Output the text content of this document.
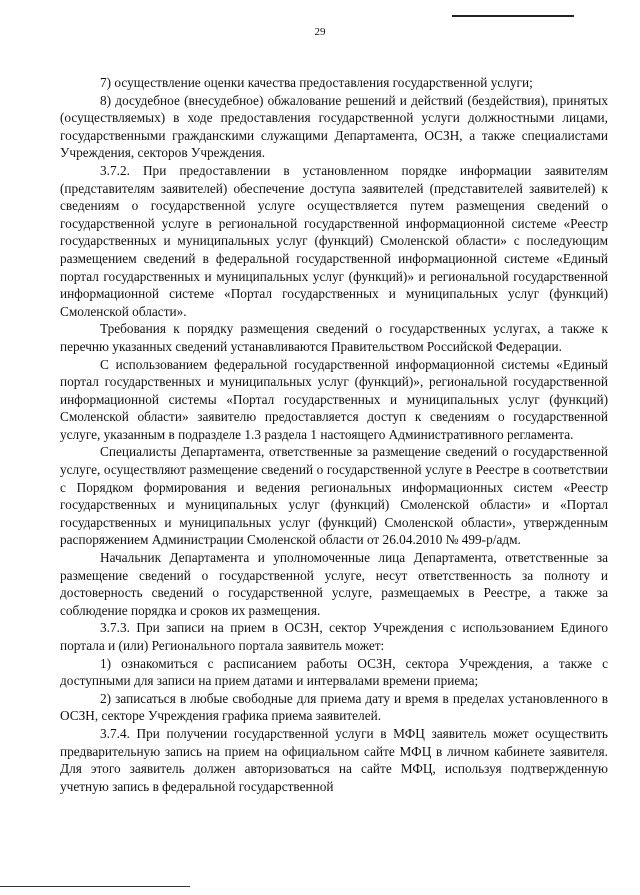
29

7) осуществление оценки качества предоставления государственной услуги;

8) досудебное (внесудебное) обжалование решений и действий (бездействия), принятых (осуществляемых) в ходе предоставления государственной услуги должностными лицами, государственными гражданскими служащими Департамента, ОСЗН, а также специалистами Учреждения, секторов Учреждения.

3.7.2. При предоставлении в установленном порядке информации заявителям (представителям заявителей) обеспечение доступа заявителей (представителей заявителей) к сведениям о государственной услуге осуществляется путем размещения сведений о государственной услуге в региональной государственной информационной системе «Реестр государственных и муниципальных услуг (функций) Смоленской области» с последующим размещением сведений в федеральной государственной информационной системе «Единый портал государственных и муниципальных услуг (функций)» и региональной государственной информационной системе «Портал государственных и муниципальных услуг (функций) Смоленской области».

Требования к порядку размещения сведений о государственных услугах, а также к перечню указанных сведений устанавливаются Правительством Российской Федерации.

С использованием федеральной государственной информационной системы «Единый портал государственных и муниципальных услуг (функций)», региональной государственной информационной системы «Портал государственных и муниципальных услуг (функций) Смоленской области» заявителю предоставляется доступ к сведениям о государственной услуге, указанным в подразделе 1.3 раздела 1 настоящего Административного регламента.

Специалисты Департамента, ответственные за размещение сведений о государственной услуге, осуществляют размещение сведений о государственной услуге в Реестре в соответствии с Порядком формирования и ведения региональных информационных систем «Реестр государственных и муниципальных услуг (функций) Смоленской области» и «Портал государственных и муниципальных услуг (функций) Смоленской области», утвержденным распоряжением Администрации Смоленской области от 26.04.2010 № 499-р/адм.

Начальник Департамента и уполномоченные лица Департамента, ответственные за размещение сведений о государственной услуге, несут ответственность за полноту и достоверность сведений о государственной услуге, размещаемых в Реестре, а также за соблюдение порядка и сроков их размещения.

3.7.3. При записи на прием в ОСЗН, сектор Учреждения с использованием Единого портала и (или) Регионального портала заявитель может:

1) ознакомиться с расписанием работы ОСЗН, сектора Учреждения, а также с доступными для записи на прием датами и интервалами времени приема;

2) записаться в любые свободные для приема дату и время в пределах установленного в ОСЗН, секторе Учреждения графика приема заявителей.

3.7.4. При получении государственной услуги в МФЦ заявитель может осуществить предварительную запись на прием на официальном сайте МФЦ в личном кабинете заявителя. Для этого заявитель должен авторизоваться на сайте МФЦ, используя подтвержденную учетную запись в федеральной государственной
